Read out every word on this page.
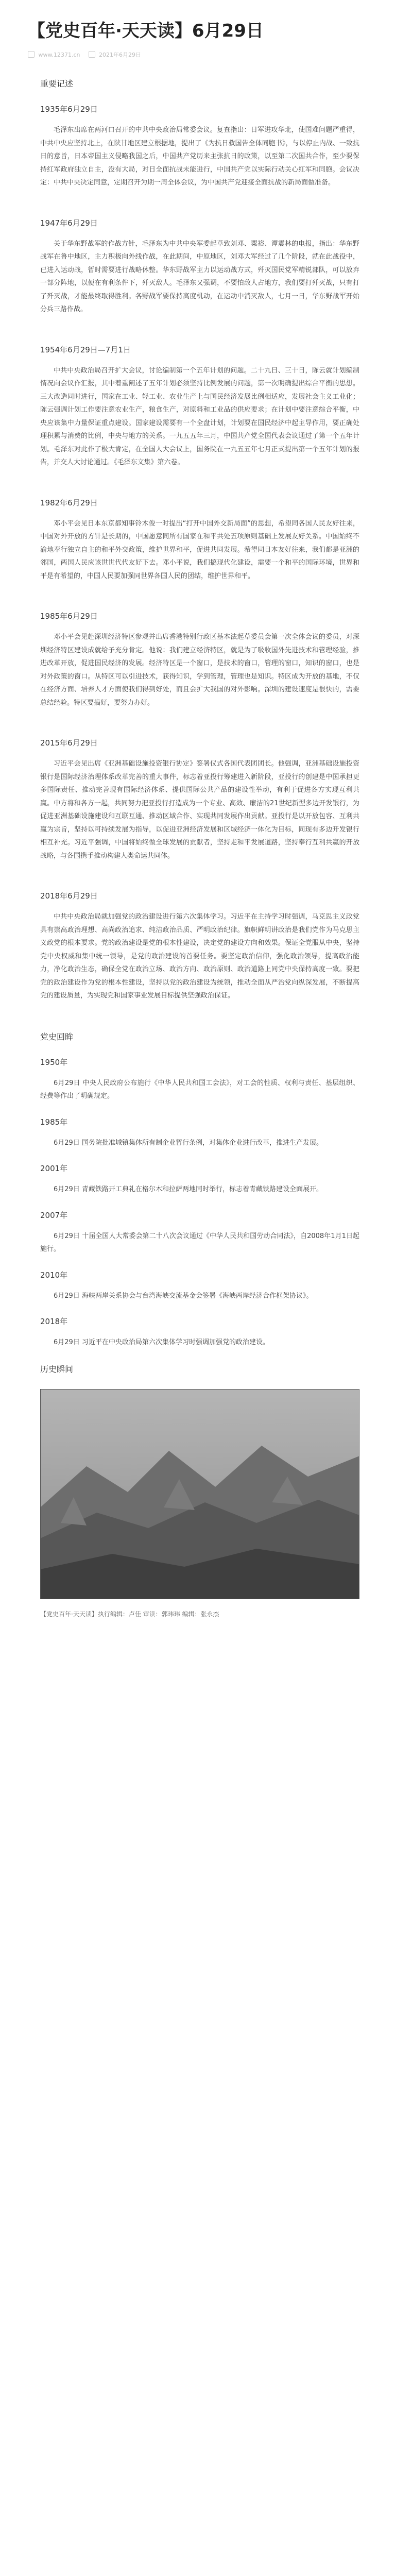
【党史百年·天天读】6月29日
www.12371.cn	2021年6月29日
重要记述
1935年6月29日

毛泽东出席在两河口召开的中共中央政治局常委会议。复查指出：日军进攻华北，使国难问题严重得，中共中央应坚持北上，在陕甘地区建立根据地，提出了《为抗日救国告全体同胞书》，与以停止内战、一致抗日的意旨，日本帝国主义侵略我国之后，中国共产党历来主张抗日的政策，以至第二次国共合作，至少要保持红军政府独立自主，没有大局，对日全面抗战未能进行，中国共产党以实际行动关心红军和同胞。会议决定：中共中央决定同意，定期召开为期一周全体会议，为中国共产党迎接全面抗战的新局面做准备。

1947年6月29日

关于华东野战军的作战方针，毛泽东为中共中央军委起草致刘邓、粟裕、谭震林的电报，指出：华东野战军在鲁中地区，主力积极向外线作战，在此期间，中原地区，刘邓大军经过了几个阶段，就在此战役中，已进入运动战，暂时需要进行战略休整。华东野战军主力以运动战方式，歼灭国民党军精锐部队，可以放弃一部分阵地，以便在有利条件下，歼灭敌人。毛泽东又强调，不要怕敌人占地方，我们要打歼灭战，只有打了歼灭战，才能最终取得胜利。各野战军要保持高度机动，在运动中消灭敌人，七月一日，华东野战军开始分兵三路作战。

1954年6月29日—7月1日

中共中央政治局召开扩大会议，讨论编制第一个五年计划的问题。二十九日、三十日，陈云就计划编制情况向会议作汇报，其中着重阐述了五年计划必须坚持比例发展的问题，第一次明确提出综合平衡的思想。三大改造同时进行，国家在工业、轻工业、农业生产上与国民经济发展比例相适应，发展社会主义工业化；陈云强调计划工作要注意农业生产，粮食生产，对原料和工业品的供应要求；在计划中要注意综合平衡，中央应该集中力量保证重点建设。国家建设需要有一个全盘计划，计划要在国民经济中起主导作用，要正确处理积累与消费的比例，中央与地方的关系。一九五五年三月，中国共产党全国代表会议通过了第一个五年计划。毛泽东对此作了极大肯定，在全国人大会议上，国务院在一九五五年七月正式提出第一个五年计划的报告，并交人大讨论通过。《毛泽东文集》第六卷。

1982年6月29日

邓小平会见日本东京都知事铃木俊一时提出“打开中国外交新局面”的思想，希望同各国人民友好往来，中国对外开放的方针是长期的，中国愿意同所有国家在和平共处五项原则基础上发展友好关系。中国始终不渝地奉行独立自主的和平外交政策，维护世界和平，促进共同发展。希望同日本友好往来，我们都是亚洲的邻国，两国人民应该世世代代友好下去。邓小平说，我们搞现代化建设，需要一个和平的国际环境，世界和平是有希望的，中国人民要加强同世界各国人民的团结，维护世界和平。

1985年6月29日

邓小平会见赴深圳经济特区参观并出席香港特别行政区基本法起草委员会第一次全体会议的委员，对深圳经济特区建设成就给予充分肯定。他说：我们建立经济特区，就是为了吸收国外先进技术和管理经验，推进改革开放，促进国民经济的发展。经济特区是一个窗口，是技术的窗口，管理的窗口，知识的窗口，也是对外政策的窗口。从特区可以引进技术，获得知识，学到管理，管理也是知识。特区成为开放的基地，不仅在经济方面、培养人才方面使我们得到好处，而且会扩大我国的对外影响。深圳的建设速度是很快的，需要总结经验。特区要搞好，要努力办好。

2015年6月29日

习近平会见出席《亚洲基础设施投资银行协定》签署仪式各国代表团团长。他强调，亚洲基础设施投资银行是国际经济治理体系改革完善的重大事件，标志着亚投行筹建进入新阶段，亚投行的创建是中国承担更多国际责任、推动完善现有国际经济体系、提供国际公共产品的建设性举动，有利于促进各方实现互利共赢。中方将和各方一起，共同努力把亚投行打造成为一个专业、高效、廉洁的21世纪新型多边开发银行，为促进亚洲基础设施建设和互联互通、推动区域合作、实现共同发展作出贡献。亚投行是以开放包容、互利共赢为宗旨，坚持以可持续发展为指导，以促进亚洲经济发展和区域经济一体化为目标，同现有多边开发银行相互补充。习近平强调，中国将始终做全球发展的贡献者，坚持走和平发展道路，坚持奉行互利共赢的开放战略，与各国携手推动构建人类命运共同体。

2018年6月29日

中共中央政治局就加强党的政治建设进行第六次集体学习。习近平在主持学习时强调，马克思主义政党具有崇高政治理想、高尚政治追求、纯洁政治品质、严明政治纪律。旗帜鲜明讲政治是我们党作为马克思主义政党的根本要求。党的政治建设是党的根本性建设，决定党的建设方向和效果。保证全党服从中央，坚持党中央权威和集中统一领导，是党的政治建设的首要任务。要坚定政治信仰，强化政治领导，提高政治能力，净化政治生态，确保全党在政治立场、政治方向、政治原则、政治道路上同党中央保持高度一致。要把党的政治建设作为党的根本性建设，坚持以党的政治建设为统领，推动全面从严治党向纵深发展，不断提高党的建设质量，为实现党和国家事业发展目标提供坚强政治保证。

党史回眸
1950年

6月29日 中央人民政府公布施行《中华人民共和国工会法》，对工会的性质、权利与责任、基层组织、经费等作出了明确规定。

1985年

6月29日 国务院批准城镇集体所有制企业暂行条例，对集体企业进行改革，推进生产发展。

2001年

6月29日 青藏铁路开工典礼在格尔木和拉萨两地同时举行，标志着青藏铁路建设全面展开。

2007年

6月29日 十届全国人大常委会第二十八次会议通过《中华人民共和国劳动合同法》，自2008年1月1日起施行。

2010年

6月29日 海峡两岸关系协会与台湾海峡交流基金会签署《海峡两岸经济合作框架协议》。

2018年

6月29日 习近平在中央政治局第六次集体学习时强调加强党的政治建设。

历史瞬间
【党史百年·天天读】执行编辑：卢佳 审读：郭玮玮 编辑：张永杰
